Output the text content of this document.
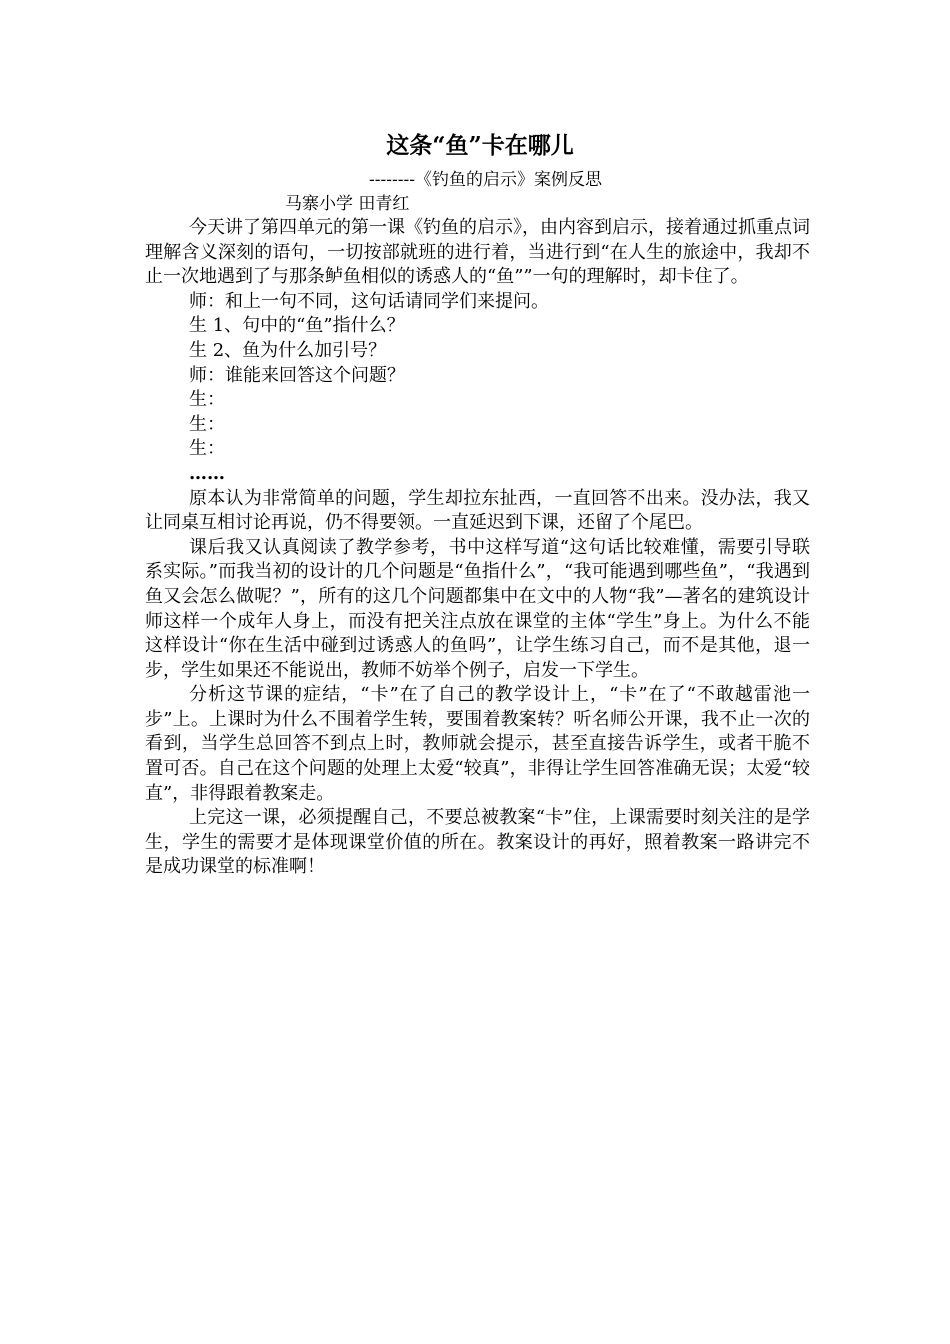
这条“鱼”卡在哪儿

--------《钓鱼的启示》案例反思

马寨小学 田青红

今天讲了第四单元的第一课《钓鱼的启示》，由内容到启示，接着通过抓重点词理解含义深刻的语句，一切按部就班的进行着，当进行到“在人生的旅途中，我却不止一次地遇到了与那条鲈鱼相似的诱惑人的“鱼””一句的理解时，却卡住了。

师：和上一句不同，这句话请同学们来提问。

生 1、句中的“鱼”指什么？

生 2、鱼为什么加引号？

师：谁能来回答这个问题？

生：

生：

生：

……

原本认为非常简单的问题，学生却拉东扯西，一直回答不出来。没办法，我又让同桌互相讨论再说，仍不得要领。一直延迟到下课，还留了个尾巴。

课后我又认真阅读了教学参考，书中这样写道“这句话比较难懂，需要引导联系实际。”而我当初的设计的几个问题是“鱼指什么”，“我可能遇到哪些鱼”，“我遇到鱼又会怎么做呢？”，所有的这几个问题都集中在文中的人物“我”—著名的建筑设计师这样一个成年人身上，而没有把关注点放在课堂的主体“学生”身上。为什么不能这样设计“你在生活中碰到过诱惑人的鱼吗”，让学生练习自己，而不是其他，退一步，学生如果还不能说出，教师不妨举个例子，启发一下学生。

分析这节课的症结，“卡”在了自己的教学设计上，“卡”在了“不敢越雷池一步”上。上课时为什么不围着学生转，要围着教案转？听名师公开课，我不止一次的看到，当学生总回答不到点上时，教师就会提示，甚至直接告诉学生，或者干脆不置可否。自己在这个问题的处理上太爱“较真”，非得让学生回答准确无误；太爱“较直”，非得跟着教案走。

上完这一课，必须提醒自己，不要总被教案“卡”住，上课需要时刻关注的是学生，学生的需要才是体现课堂价值的所在。教案设计的再好，照着教案一路讲完不是成功课堂的标准啊！
